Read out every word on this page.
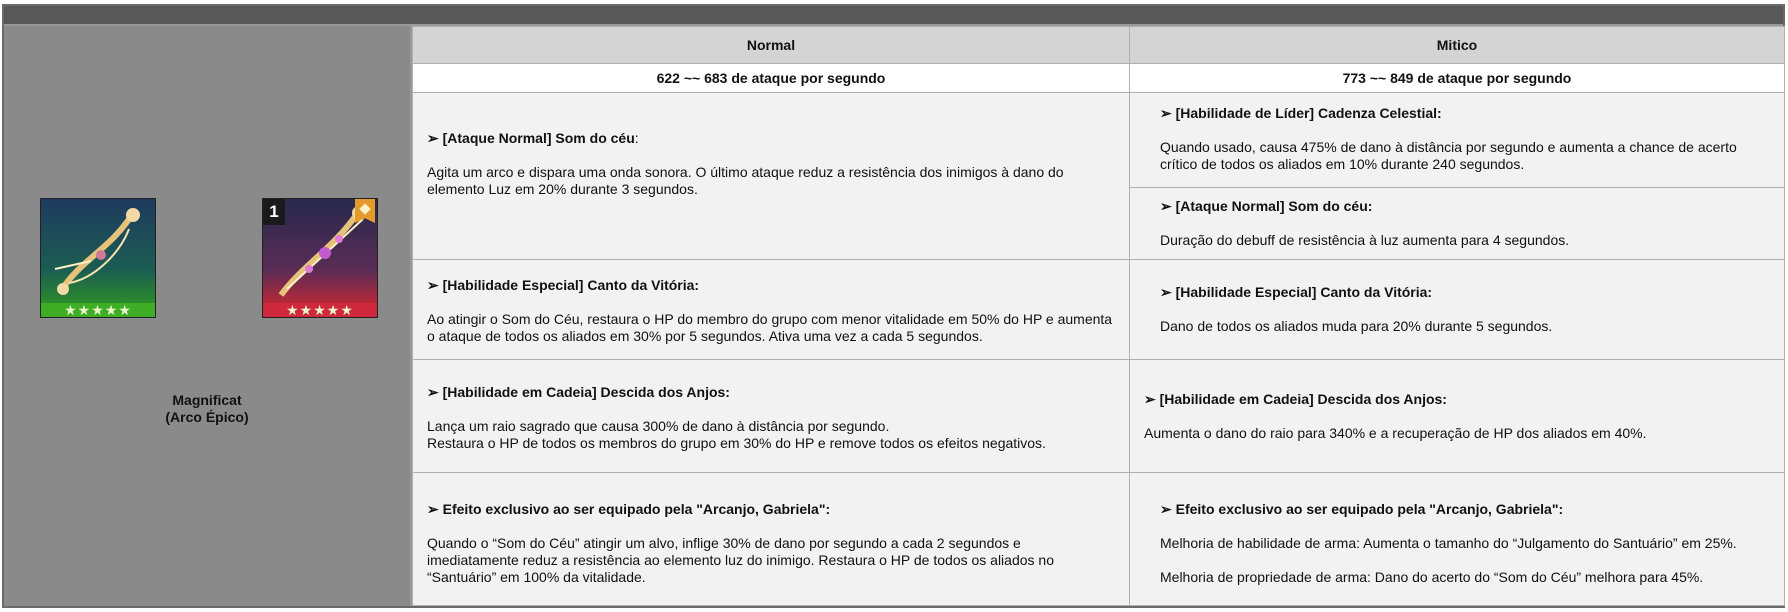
★★★★★
1
★★★★★
Magnificat
(Arco Épico)
Normal	Mitico
622 ~~ 683 de ataque por segundo	773 ~~ 849 de ataque por segundo
➢ [Ataque Normal] Som do céu:

Agita um arco e dispara uma onda sonora. O último ataque reduz a resistência dos inimigos à dano do elemento Luz em 20% durante 3 segundos.

➢ [Habilidade Especial] Canto da Vitória:

Ao atingir o Som do Céu, restaura o HP do membro do grupo com menor vitalidade em 50% do HP e aumenta o ataque de todos os aliados em 30% por 5 segundos. Ativa uma vez a cada 5 segundos.

➢ [Habilidade em Cadeia] Descida dos Anjos:

Lança um raio sagrado que causa 300% de dano à distância por segundo.

Restaura o HP de todos os membros do grupo em 30% do HP e remove todos os efeitos negativos.

➢ Efeito exclusivo ao ser equipado pela "Arcanjo, Gabriela":

Quando o “Som do Céu” atingir um alvo, inflige 30% de dano por segundo a cada 2 segundos e imediatamente reduz a resistência ao elemento luz do inimigo. Restaura o HP de todos os aliados no “Santuário” em 100% da vitalidade.

➢ [Habilidade de Líder] Cadenza Celestial:

Quando usado, causa 475% de dano à distância por segundo e aumenta a chance de acerto crítico de todos os aliados em 10% durante 240 segundos.

➢ [Ataque Normal] Som do céu:

Duração do debuff de resistência à luz aumenta para 4 segundos.

➢ [Habilidade Especial] Canto da Vitória:

Dano de todos os aliados muda para 20% durante 5 segundos.

➢ [Habilidade em Cadeia] Descida dos Anjos:

Aumenta o dano do raio para 340% e a recuperação de HP dos aliados em 40%.

➢ Efeito exclusivo ao ser equipado pela "Arcanjo, Gabriela":

Melhoria de habilidade de arma: Aumenta o tamanho do “Julgamento do Santuário” em 25%.

Melhoria de propriedade de arma: Dano do acerto do “Som do Céu” melhora para 45%.
